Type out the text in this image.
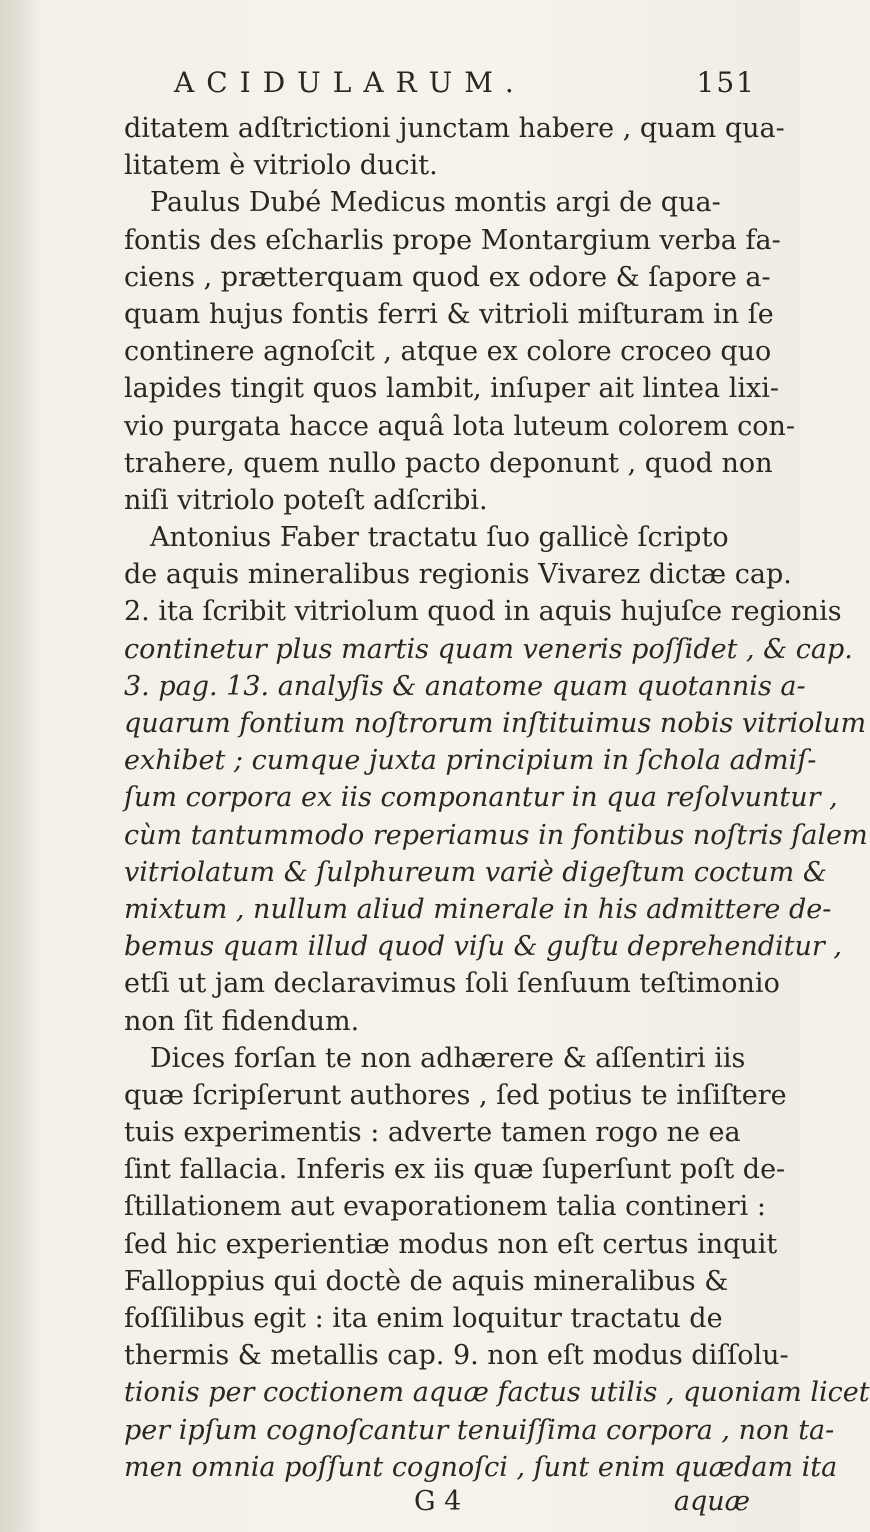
ACIDULARUM.	151
ditatem adſtrictioni junctam habere , quam qua-
litatem è vitriolo ducit.
Paulus Dubé Medicus montis argi de qua-
fontis des eſcharlis prope Montargium verba fa-
ciens , prætterquam quod ex odore & ſapore a-
quam hujus fontis ferri & vitrioli miſturam in ſe
continere agnoſcit , atque ex colore croceo quo
lapides tingit quos lambit, inſuper ait lintea lixi-
vio purgata hacce aquâ lota luteum colorem con-
trahere, quem nullo pacto deponunt , quod non
niſi vitriolo poteſt adſcribi.
Antonius Faber tractatu ſuo gallicè ſcripto
de aquis mineralibus regionis Vivarez dictæ cap.
2. ita ſcribit vitriolum quod in aquis hujuſce regionis
continetur plus martis quam veneris poſſidet , & cap.
3. pag. 13. analyſis & anatome quam quotannis a-
quarum fontium noſtrorum inſtituimus nobis vitriolum
exhibet ; cumque juxta principium in ſchola admiſ-
ſum corpora ex iis componantur in qua reſolvuntur ,
cùm tantummodo reperiamus in fontibus noſtris ſalem
vitriolatum & ſulphureum variè digeſtum coctum &
mixtum , nullum aliud minerale in his admittere de-
bemus quam illud quod viſu & guſtu deprehenditur ,
etſi ut jam declaravimus ſoli ſenſuum teſtimonio
non ſit fidendum.
Dices forſan te non adhærere & aſſentiri iis
quæ ſcripſerunt authores , ſed potius te inſiſtere
tuis experimentis : adverte tamen rogo ne ea
ſint fallacia. Inferis ex iis quæ ſuperſunt poſt de-
ſtillationem aut evaporationem talia contineri :
ſed hic experientiæ modus non eſt certus inquit
Falloppius qui doctè de aquis mineralibus &
foſſilibus egit : ita enim loquitur tractatu de
thermis & metallis cap. 9. non eſt modus diſſolu-
tionis per coctionem aquæ factus utilis , quoniam licet
per ipſum cognoſcantur tenuiſſima corpora , non ta-
men omnia poſſunt cognoſci , ſunt enim quædam ita
G 4	aquæ
